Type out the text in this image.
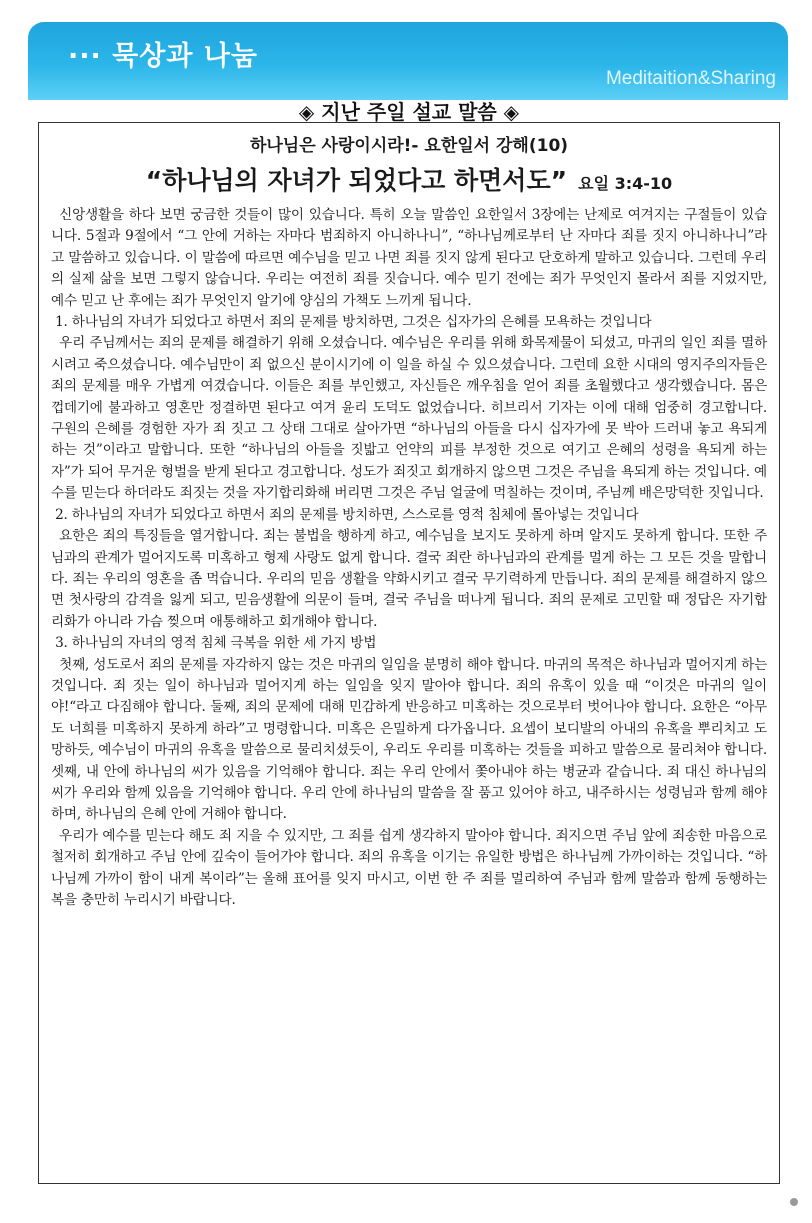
··· 묵상과 나눔
Meditaition&Sharing
◈ 지난 주일 설교 말씀 ◈
하나님은 사랑이시라!- 요한일서 강해(10)
“하나님의 자녀가 되었다고 하면서도” 요일 3:4-10

신앙생활을 하다 보면 궁금한 것들이 많이 있습니다. 특히 오늘 말씀인 요한일서 3장에는 난제로 여겨지는 구절들이 있습니다. 5절과 9절에서 “그 안에 거하는 자마다 범죄하지 아니하나니”, “하나님께로부터 난 자마다 죄를 짓지 아니하나니”라고 말씀하고 있습니다. 이 말씀에 따르면 예수님을 믿고 나면 죄를 짓지 않게 된다고 단호하게 말하고 있습니다. 그런데 우리의 실제 삶을 보면 그렇지 않습니다. 우리는 여전히 죄를 짓습니다. 예수 믿기 전에는 죄가 무엇인지 몰라서 죄를 지었지만, 예수 믿고 난 후에는 죄가 무엇인지 알기에 양심의 가책도 느끼게 됩니다.

1. 하나님의 자녀가 되었다고 하면서 죄의 문제를 방치하면, 그것은 십자가의 은혜를 모욕하는 것입니다

우리 주님께서는 죄의 문제를 해결하기 위해 오셨습니다. 예수님은 우리를 위해 화목제물이 되셨고, 마귀의 일인 죄를 멸하시려고 죽으셨습니다. 예수님만이 죄 없으신 분이시기에 이 일을 하실 수 있으셨습니다. 그런데 요한 시대의 영지주의자들은 죄의 문제를 매우 가볍게 여겼습니다. 이들은 죄를 부인했고, 자신들은 깨우침을 얻어 죄를 초월했다고 생각했습니다. 몸은 껍데기에 불과하고 영혼만 정결하면 된다고 여겨 윤리 도덕도 없었습니다. 히브리서 기자는 이에 대해 엄중히 경고합니다. 구원의 은혜를 경험한 자가 죄 짓고 그 상태 그대로 살아가면 “하나님의 아들을 다시 십자가에 못 박아 드러내 놓고 욕되게 하는 것”이라고 말합니다. 또한 “하나님의 아들을 짓밟고 언약의 피를 부정한 것으로 여기고 은혜의 성령을 욕되게 하는 자”가 되어 무거운 형벌을 받게 된다고 경고합니다. 성도가 죄짓고 회개하지 않으면 그것은 주님을 욕되게 하는 것입니다. 예수를 믿는다 하더라도 죄짓는 것을 자기합리화해 버리면 그것은 주님 얼굴에 먹칠하는 것이며, 주님께 배은망덕한 짓입니다.

2. 하나님의 자녀가 되었다고 하면서 죄의 문제를 방치하면, 스스로를 영적 침체에 몰아넣는 것입니다

요한은 죄의 특징들을 열거합니다. 죄는 불법을 행하게 하고, 예수님을 보지도 못하게 하며 알지도 못하게 합니다. 또한 주님과의 관계가 멀어지도록 미혹하고 형제 사랑도 없게 합니다. 결국 죄란 하나님과의 관계를 멀게 하는 그 모든 것을 말합니다. 죄는 우리의 영혼을 좀 먹습니다. 우리의 믿음 생활을 약화시키고 결국 무기력하게 만듭니다. 죄의 문제를 해결하지 않으면 첫사랑의 감격을 잃게 되고, 믿음생활에 의문이 들며, 결국 주님을 떠나게 됩니다. 죄의 문제로 고민할 때 정답은 자기합리화가 아니라 가슴 찢으며 애통해하고 회개해야 합니다.

3. 하나님의 자녀의 영적 침체 극복을 위한 세 가지 방법

첫째, 성도로서 죄의 문제를 자각하지 않는 것은 마귀의 일임을 분명히 해야 합니다. 마귀의 목적은 하나님과 멀어지게 하는 것입니다. 죄 짓는 일이 하나님과 멀어지게 하는 일임을 잊지 말아야 합니다. 죄의 유혹이 있을 때 “이것은 마귀의 일이야!“라고 다짐해야 합니다. 둘째, 죄의 문제에 대해 민감하게 반응하고 미혹하는 것으로부터 벗어나야 합니다. 요한은 “아무도 너희를 미혹하지 못하게 하라”고 명령합니다. 미혹은 은밀하게 다가옵니다. 요셉이 보디발의 아내의 유혹을 뿌리치고 도망하듯, 예수님이 마귀의 유혹을 말씀으로 물리치셨듯이, 우리도 우리를 미혹하는 것들을 피하고 말씀으로 물리쳐야 합니다. 셋째, 내 안에 하나님의 씨가 있음을 기억해야 합니다. 죄는 우리 안에서 쫓아내야 하는 병균과 같습니다. 죄 대신 하나님의 씨가 우리와 함께 있음을 기억해야 합니다. 우리 안에 하나님의 말씀을 잘 품고 있어야 하고, 내주하시는 성령님과 함께 해야 하며, 하나님의 은혜 안에 거해야 합니다.

우리가 예수를 믿는다 해도 죄 지을 수 있지만, 그 죄를 쉽게 생각하지 말아야 합니다. 죄지으면 주님 앞에 죄송한 마음으로 철저히 회개하고 주님 안에 깊숙이 들어가야 합니다. 죄의 유혹을 이기는 유일한 방법은 하나님께 가까이하는 것입니다. “하나님께 가까이 함이 내게 복이라”는 올해 표어를 잊지 마시고, 이번 한 주 죄를 멀리하여 주님과 함께 말씀과 함께 동행하는 복을 충만히 누리시기 바랍니다.
